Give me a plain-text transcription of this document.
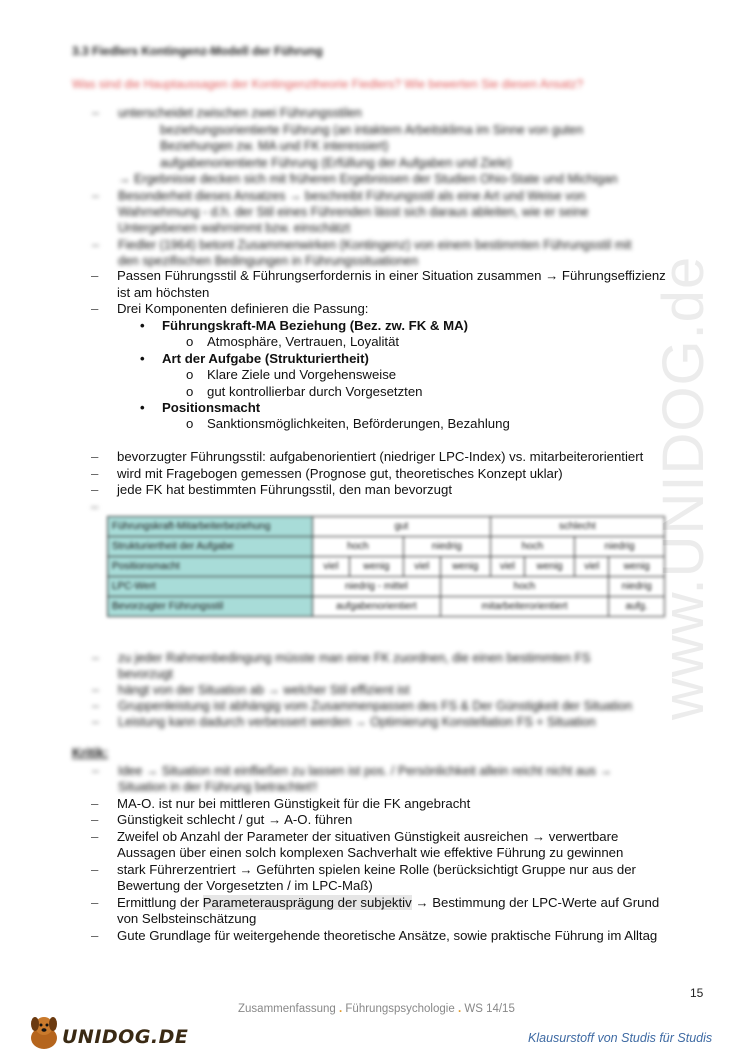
www.UNIDOG.de
3.3 Fiedlers Kontingenz-Modell der Führung
Was sind die Hauptaussagen der Kontingenztheorie Fiedlers? Wie bewerten Sie diesen Ansatz?
– unterscheidet zwischen zwei Führungsstilen
beziehungsorientierte Führung (an intaktem Arbeitsklima im Sinne von guten
Beziehungen zw. MA und FK interessiert)
aufgabenorientierte Führung (Erfüllung der Aufgaben und Ziele)
→ Ergebnisse decken sich mit früheren Ergebnissen der Studien Ohio-State und Michigan
– Besonderheit dieses Ansatzes → beschreibt Führungsstil als eine Art und Weise von
Wahrnehmung - d.h. der Stil eines Führenden lässt sich daraus ableiten, wie er seine
Untergebenen wahrnimmt bzw. einschätzt
– Fiedler (1964) betont Zusammenwirken (Kontingenz) von einem bestimmten Führungsstil mit
den spezifischen Bedingungen in Führungssituationen
– Passen Führungsstil & Führungserfordernis in einer Situation zusammen → Führungseffizienz
ist am höchsten
– Drei Komponenten definieren die Passung:
• Führungskraft-MA Beziehung (Bez. zw. FK & MA)
o Atmosphäre, Vertrauen, Loyalität
• Art der Aufgabe (Strukturiertheit)
o Klare Ziele und Vorgehensweise
o gut kontrollierbar durch Vorgesetzten
• Positionsmacht
o Sanktionsmöglichkeiten, Beförderungen, Bezahlung
– bevorzugter Führungsstil: aufgabenorientiert (niedriger LPC-Index) vs. mitarbeiterorientiert
– wird mit Fragebogen gemessen (Prognose gut, theoretisches Konzept uklar)
– jede FK hat bestimmten Führungsstil, den man bevorzugt
Führungskraft-Mitarbeiterbeziehung	gut				schlecht			
Strukturiertheit der Aufgabe	hoch		niedrig		hoch		niedrig	
Positionsmacht	viel	wenig	viel	wenig	viel	wenig	viel	wenig
LPC-Wert	niedrig - mittel			hoch				niedrig
Bevorzugter Führungsstil	aufgabenorientiert			mitarbeiterorientiert				aufg.
– zu jeder Rahmenbedingung müsste man eine FK zuordnen, die einen bestimmten FS
bevorzugt
– hängt von der Situation ab → welcher Stil effizient ist
– Gruppenleistung ist abhängig vom Zusammenpassen des FS & Der Günstigkeit der Situation
– Leistung kann dadurch verbessert werden → Optimierung Konstellation FS + Situation
Kritik:
– Idee → Situation mit einfließen zu lassen ist pos. / Persönlichkeit allein reicht nicht aus →
Situation in der Führung betrachtet!!
– MA-O. ist nur bei mittleren Günstigkeit für die FK angebracht
– Günstigkeit schlecht / gut → A-O. führen
– Zweifel ob Anzahl der Parameter der situativen Günstigkeit ausreichen → verwertbare
Aussagen über einen solch komplexen Sachverhalt wie effektive Führung zu gewinnen
– stark Führerzentriert → Geführten spielen keine Rolle (berücksichtigt Gruppe nur aus der
Bewertung der Vorgesetzten / im LPC-Maß)
– Ermittlung der Parameterausprägung der subjektiv → Bestimmung der LPC-Werte auf Grund
von Selbsteinschätzung
– Gute Grundlage für weitergehende theoretische Ansätze, sowie praktische Führung im Alltag
15
Zusammenfassung . Führungspsychologie . WS 14/15
UNIDOG.DE	Klausurstoff von Studis für Studis
